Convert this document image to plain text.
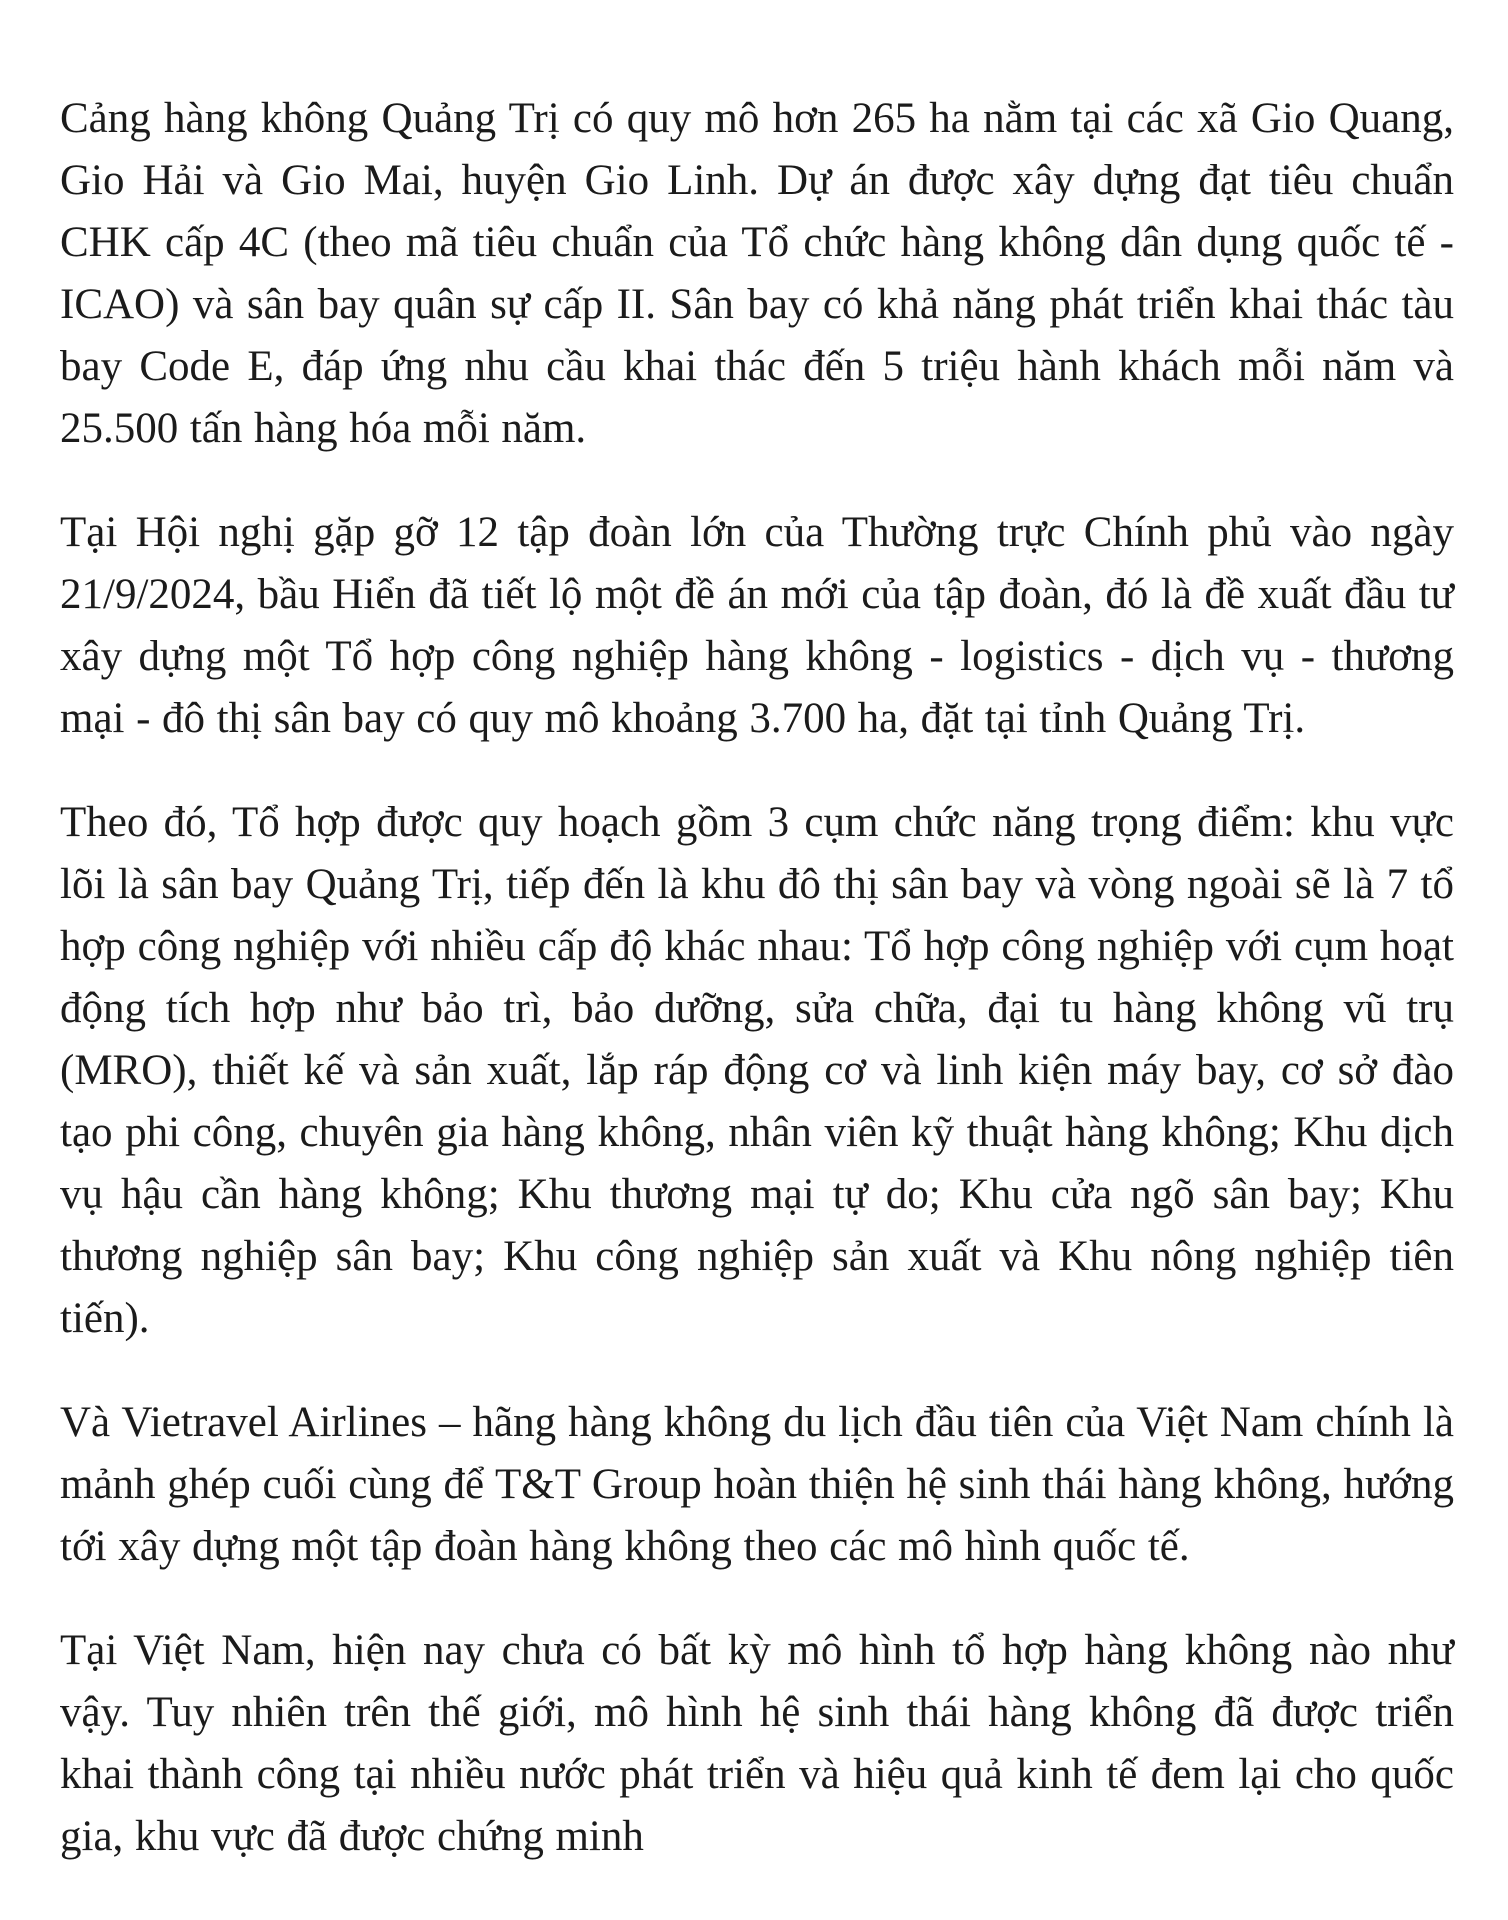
Cảng hàng không Quảng Trị có quy mô hơn 265 ha nằm tại các xã Gio Quang, Gio Hải và Gio Mai, huyện Gio Linh. Dự án được xây dựng đạt tiêu chuẩn CHK cấp 4C (theo mã tiêu chuẩn của Tổ chức hàng không dân dụng quốc tế - ICAO) và sân bay quân sự cấp II. Sân bay có khả năng phát triển khai thác tàu bay Code E, đáp ứng nhu cầu khai thác đến 5 triệu hành khách mỗi năm và 25.500 tấn hàng hóa mỗi năm.

Tại Hội nghị gặp gỡ 12 tập đoàn lớn của Thường trực Chính phủ vào ngày 21/9/2024, bầu Hiển đã tiết lộ một đề án mới của tập đoàn, đó là đề xuất đầu tư xây dựng một Tổ hợp công nghiệp hàng không - logistics - dịch vụ - thương mại - đô thị sân bay có quy mô khoảng 3.700 ha, đặt tại tỉnh Quảng Trị.

Theo đó, Tổ hợp được quy hoạch gồm 3 cụm chức năng trọng điểm: khu vực lõi là sân bay Quảng Trị, tiếp đến là khu đô thị sân bay và vòng ngoài sẽ là 7 tổ hợp công nghiệp với nhiều cấp độ khác nhau: Tổ hợp công nghiệp với cụm hoạt động tích hợp như bảo trì, bảo dưỡng, sửa chữa, đại tu hàng không vũ trụ (MRO), thiết kế và sản xuất, lắp ráp động cơ và linh kiện máy bay, cơ sở đào tạo phi công, chuyên gia hàng không, nhân viên kỹ thuật hàng không; Khu dịch vụ hậu cần hàng không; Khu thương mại tự do; Khu cửa ngõ sân bay; Khu thương nghiệp sân bay; Khu công nghiệp sản xuất và Khu nông nghiệp tiên tiến).

Và Vietravel Airlines – hãng hàng không du lịch đầu tiên của Việt Nam chính là mảnh ghép cuối cùng để T&T Group hoàn thiện hệ sinh thái hàng không, hướng tới xây dựng một tập đoàn hàng không theo các mô hình quốc tế.

Tại Việt Nam, hiện nay chưa có bất kỳ mô hình tổ hợp hàng không nào như vậy. Tuy nhiên trên thế giới, mô hình hệ sinh thái hàng không đã được triển khai thành công tại nhiều nước phát triển và hiệu quả kinh tế đem lại cho quốc gia, khu vực đã được chứng minh
